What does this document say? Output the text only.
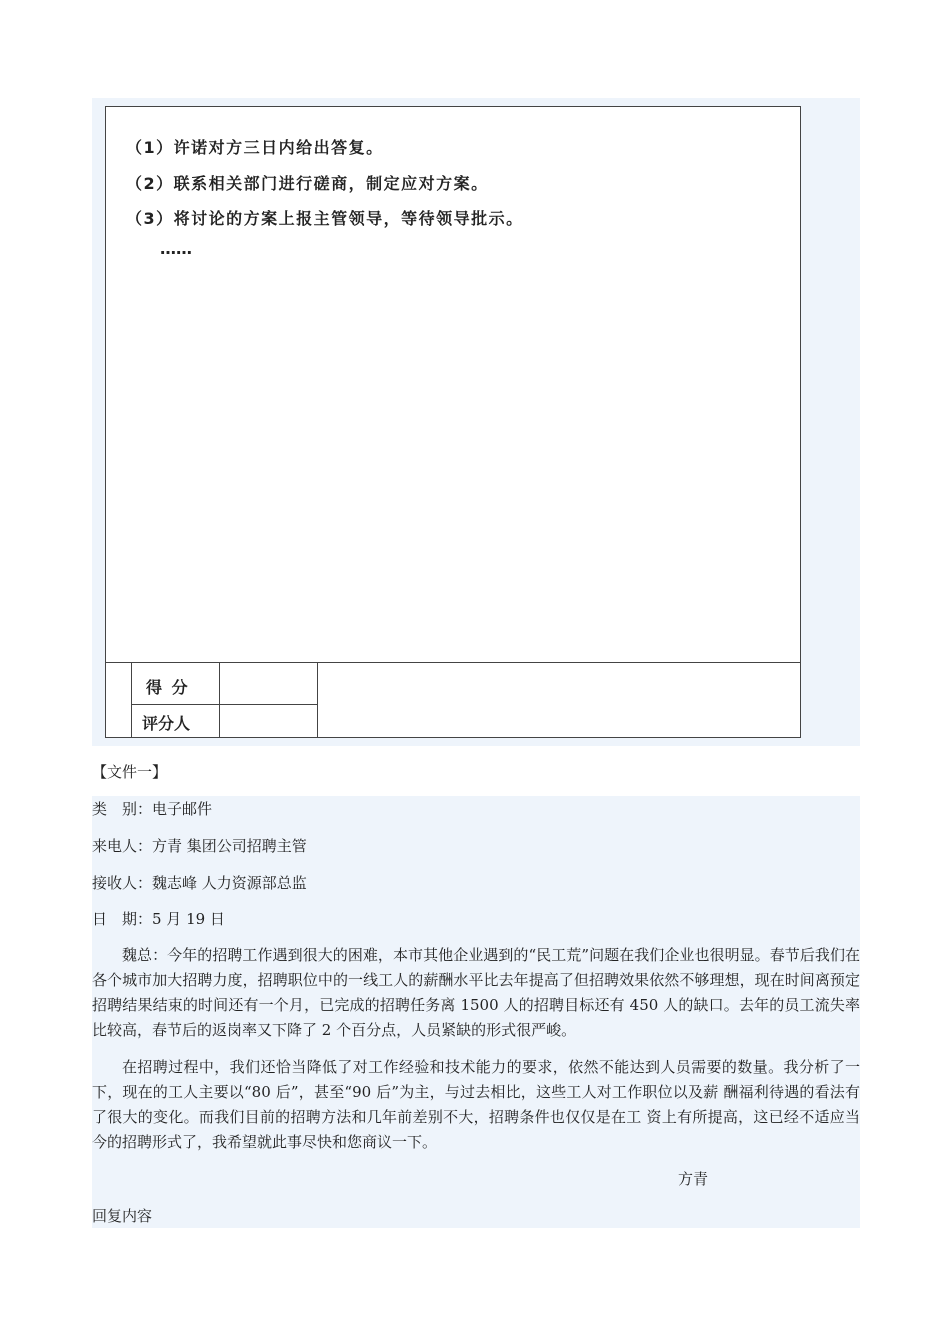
（1）许诺对方三日内给出答复。
（2）联系相关部门进行磋商，制定应对方案。
（3）将讨论的方案上报主管领导，等待领导批示。
……
得 分
评分人
【文件一】
类　别：电子邮件
来电人：方青 集团公司招聘主管
接收人：魏志峰 人力资源部总监
日　期：5 月 19 日
魏总：今年的招聘工作遇到很大的困难，本市其他企业遇到的“民工荒”问题在我们企业也很明显。春节后我们在各个城市加大招聘力度，招聘职位中的一线工人的薪酬水平比去年提高了但招聘效果依然不够理想，现在时间离预定招聘结果结束的时间还有一个月，已完成的招聘任务离 1500 人的招聘目标还有 450 人的缺口。去年的员工流失率比较高，春节后的返岗率又下降了 2 个百分点，人员紧缺的形式很严峻。
在招聘过程中，我们还恰当降低了对工作经验和技术能力的要求，依然不能达到人员需要的数量。我分析了一下，现在的工人主要以“80 后”，甚至“90 后”为主，与过去相比，这些工人对工作职位以及薪 酬福利待遇的看法有了很大的变化。而我们目前的招聘方法和几年前差别不大，招聘条件也仅仅是在工 资上有所提高，这已经不适应当今的招聘形式了，我希望就此事尽快和您商议一下。
方青
回复内容
